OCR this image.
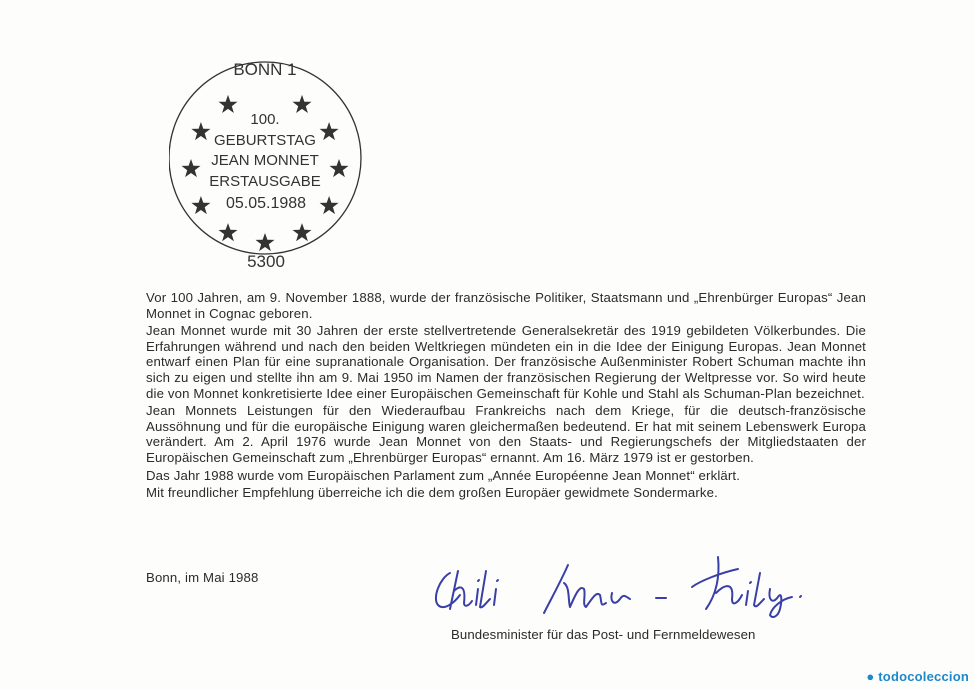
BONN 1
100.
GEBURTSTAG
JEAN MONNET
ERSTAUSGABE
05.05.1988
5300

Vor 100 Jahren, am 9. November 1888, wurde der französische Politiker, Staatsmann und „Ehrenbürger Europas“ Jean Monnet in Cognac geboren.

Jean Monnet wurde mit 30 Jahren der erste stellvertretende Generalsekretär des 1919 gebildeten Völkerbundes. Die Erfahrungen während und nach den beiden Weltkriegen mündeten ein in die Idee der Einigung Europas. Jean Monnet entwarf einen Plan für eine supranationale Organisation. Der französische Außenminister Robert Schuman machte ihn sich zu eigen und stellte ihn am 9. Mai 1950 im Namen der französischen Regierung der Weltpresse vor. So wird heute die von Monnet konkretisierte Idee einer Europäischen Gemeinschaft für Kohle und Stahl als Schuman-Plan bezeichnet.

Jean Monnets Leistungen für den Wiederaufbau Frankreichs nach dem Kriege, für die deutsch-französische Aussöhnung und für die europäische Einigung waren gleichermaßen bedeutend. Er hat mit seinem Lebenswerk Europa verändert. Am 2. April 1976 wurde Jean Monnet von den Staats- und Regierungschefs der Mitgliedstaaten der Europäischen Gemeinschaft zum „Ehrenbürger Europas“ ernannt. Am 16. März 1979 ist er gestorben.

Das Jahr 1988 wurde vom Europäischen Parlament zum „Année Européenne Jean Monnet“ erklärt.

Mit freundlicher Empfehlung überreiche ich die dem großen Europäer gewidmete Sondermarke.

Bonn, im Mai 1988
Bundesminister für das Post- und Fernmeldewesen
● todocoleccion
